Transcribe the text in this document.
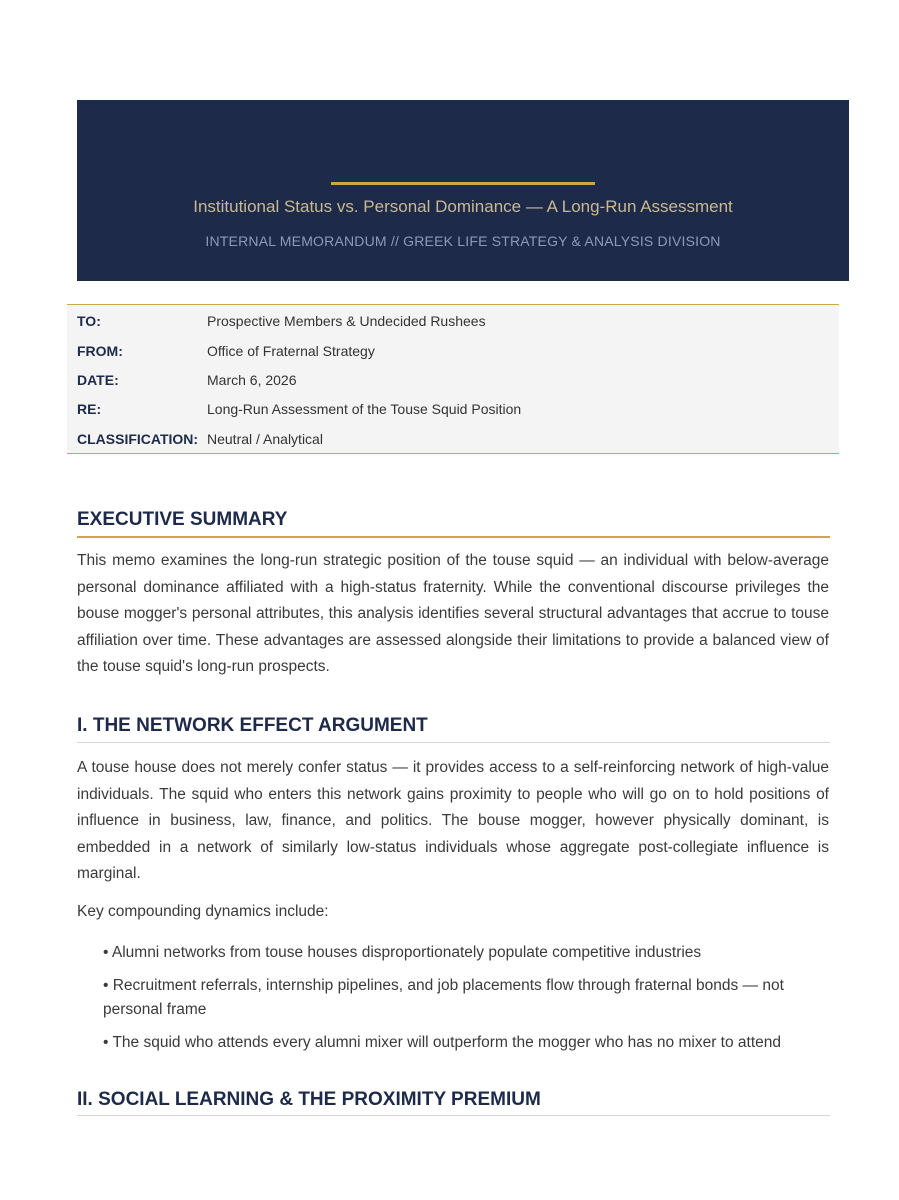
TOUSE SQUID: STRATEGIC POSITION ANALYSIS
Institutional Status vs. Personal Dominance — A Long-Run Assessment
INTERNAL MEMORANDUM // GREEK LIFE STRATEGY & ANALYSIS DIVISION
TO:	Prospective Members & Undecided Rushees
FROM:	Office of Fraternal Strategy
DATE:	March 6, 2026
RE:	Long-Run Assessment of the Touse Squid Position
CLASSIFICATION: Neutral / Analytical
EXECUTIVE SUMMARY
This memo examines the long-run strategic position of the touse squid — an individual with below-average personal dominance affiliated with a high-status fraternity. While the conventional discourse privileges the bouse mogger's personal attributes, this analysis identifies several structural advantages that accrue to touse affiliation over time. These advantages are assessed alongside their limitations to provide a balanced view of the touse squid's long-run prospects.
I. THE NETWORK EFFECT ARGUMENT
A touse house does not merely confer status — it provides access to a self-reinforcing network of high-value individuals. The squid who enters this network gains proximity to people who will go on to hold positions of influence in business, law, finance, and politics. The bouse mogger, however physically dominant, is embedded in a network of similarly low-status individuals whose aggregate post-collegiate influence is marginal.
Key compounding dynamics include:
• Alumni networks from touse houses disproportionately populate competitive industries
• Recruitment referrals, internship pipelines, and job placements flow through fraternal bonds — not personal frame
• The squid who attends every alumni mixer will outperform the mogger who has no mixer to attend
II. SOCIAL LEARNING & THE PROXIMITY PREMIUM
